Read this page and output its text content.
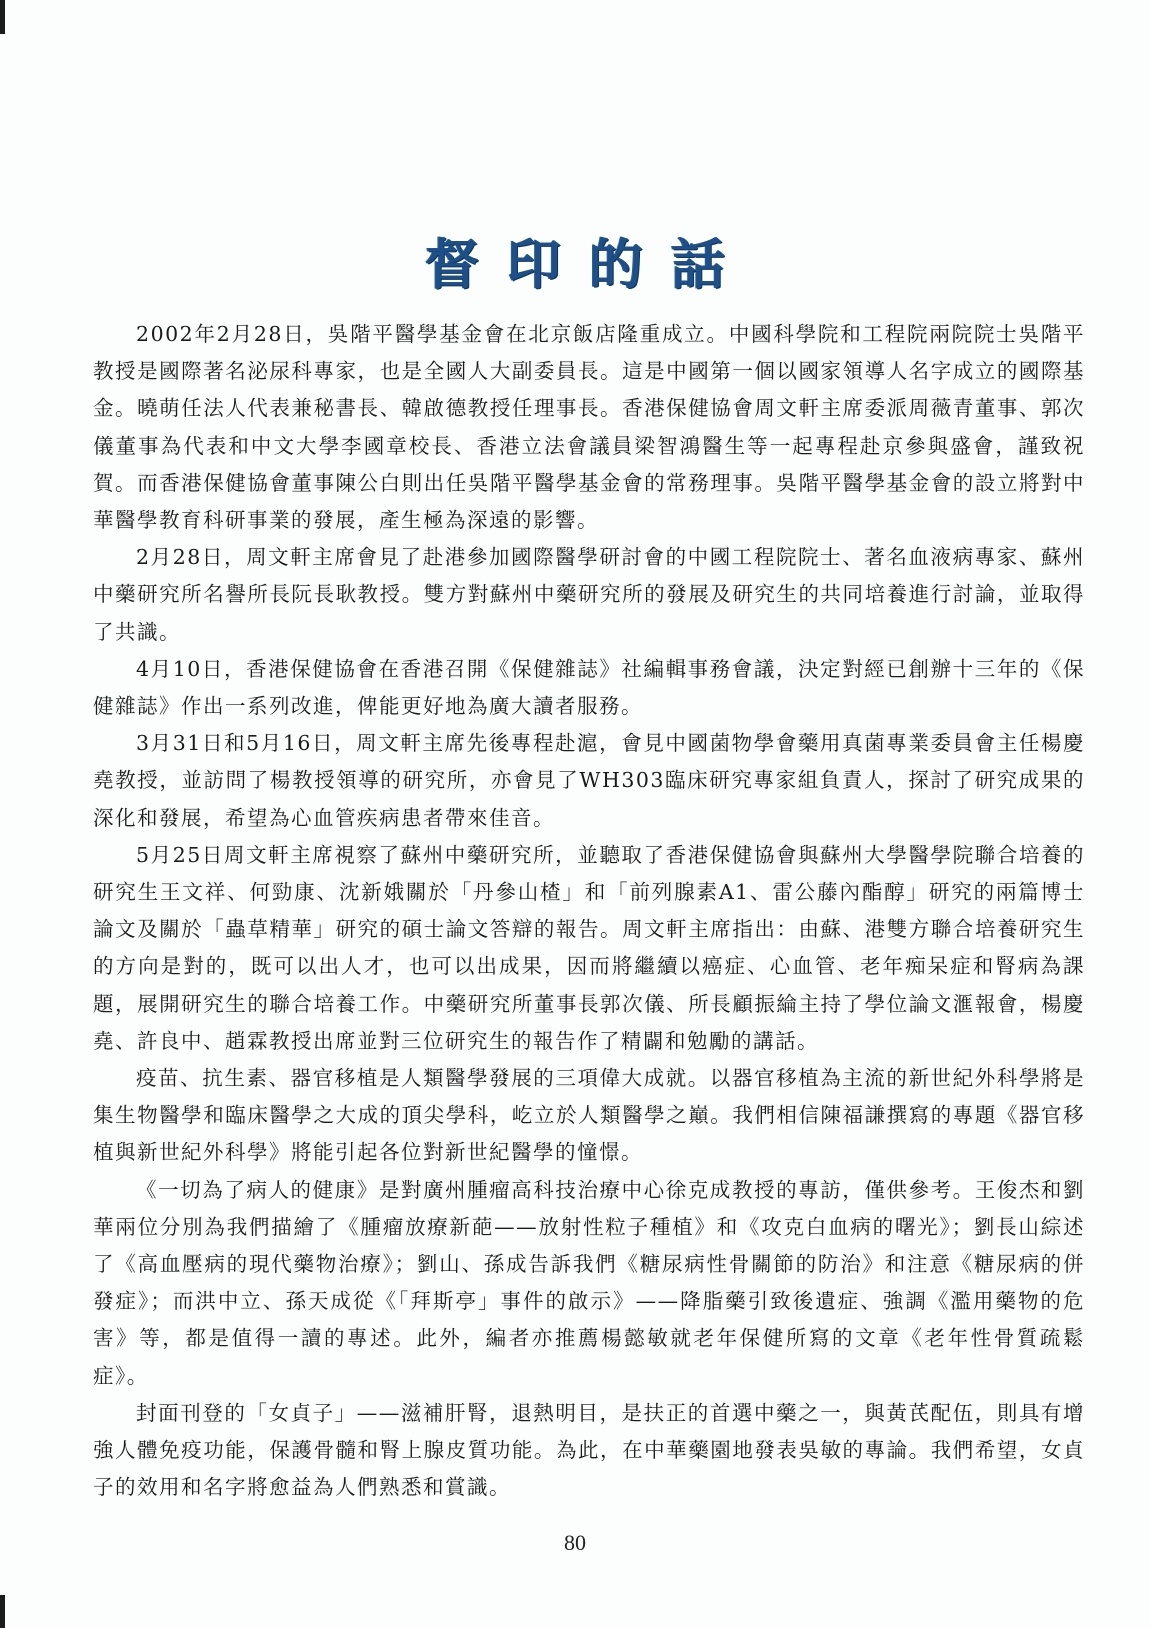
督印的話

2002年2月28日，吳階平醫學基金會在北京飯店隆重成立。中國科學院和工程院兩院院士吳階平教授是國際著名泌尿科專家，也是全國人大副委員長。這是中國第一個以國家領導人名字成立的國際基金。曉萌任法人代表兼秘書長、韓啟德教授任理事長。香港保健協會周文軒主席委派周薇青董事、郭次儀董事為代表和中文大學李國章校長、香港立法會議員梁智鴻醫生等一起專程赴京參與盛會，謹致祝賀。而香港保健協會董事陳公白則出任吳階平醫學基金會的常務理事。吳階平醫學基金會的設立將對中華醫學教育科研事業的發展，產生極為深遠的影響。

2月28日，周文軒主席會見了赴港參加國際醫學研討會的中國工程院院士、著名血液病專家、蘇州中藥研究所名譽所長阮長耿教授。雙方對蘇州中藥研究所的發展及研究生的共同培養進行討論，並取得了共識。

4月10日，香港保健協會在香港召開《保健雜誌》社編輯事務會議，決定對經已創辦十三年的《保健雜誌》作出一系列改進，俾能更好地為廣大讀者服務。

3月31日和5月16日，周文軒主席先後專程赴滬，會見中國菌物學會藥用真菌專業委員會主任楊慶堯教授，並訪問了楊教授領導的研究所，亦會見了WH303臨床研究專家組負責人，探討了研究成果的深化和發展，希望為心血管疾病患者帶來佳音。

5月25日周文軒主席視察了蘇州中藥研究所，並聽取了香港保健協會與蘇州大學醫學院聯合培養的研究生王文祥、何勁康、沈新娥關於「丹參山楂」和「前列腺素A1、雷公藤內酯醇」研究的兩篇博士論文及關於「蟲草精華」研究的碩士論文答辯的報告。周文軒主席指出：由蘇、港雙方聯合培養研究生的方向是對的，既可以出人才，也可以出成果，因而將繼續以癌症、心血管、老年痴呆症和腎病為課題，展開研究生的聯合培養工作。中藥研究所董事長郭次儀、所長顧振綸主持了學位論文滙報會，楊慶堯、許良中、趙霖教授出席並對三位研究生的報告作了精闢和勉勵的講話。

疫苗、抗生素、器官移植是人類醫學發展的三項偉大成就。以器官移植為主流的新世紀外科學將是集生物醫學和臨床醫學之大成的頂尖學科，屹立於人類醫學之巔。我們相信陳福謙撰寫的專題《器官移植與新世紀外科學》將能引起各位對新世紀醫學的憧憬。

《一切為了病人的健康》是對廣州腫瘤高科技治療中心徐克成教授的專訪，僅供參考。王俊杰和劉華兩位分別為我們描繪了《腫瘤放療新葩——放射性粒子種植》和《攻克白血病的曙光》；劉長山綜述了《高血壓病的現代藥物治療》；劉山、孫成告訴我們《糖尿病性骨關節的防治》和注意《糖尿病的併發症》；而洪中立、孫天成從《「拜斯亭」事件的啟示》——降脂藥引致後遺症、強調《濫用藥物的危害》等，都是值得一讀的專述。此外，編者亦推薦楊懿敏就老年保健所寫的文章《老年性骨質疏鬆症》。

封面刊登的「女貞子」——滋補肝腎，退熱明目，是扶正的首選中藥之一，與黃芪配伍，則具有增強人體免疫功能，保護骨髓和腎上腺皮質功能。為此，在中華藥園地發表吳敏的專論。我們希望，女貞子的效用和名字將愈益為人們熟悉和賞識。

80
